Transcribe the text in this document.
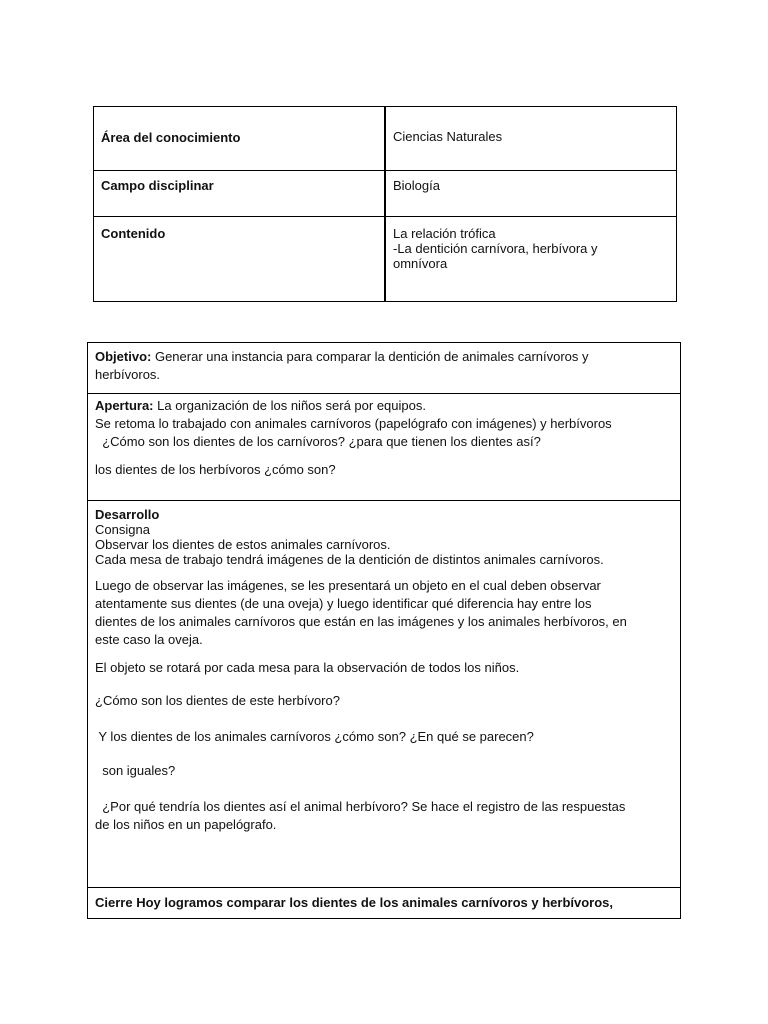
Área del conocimiento	Ciencias Naturales
Campo disciplinar	Biología
Contenido	La relación trófica
-La dentición carnívora, herbívora y
omnívora

Objetivo: Generar una instancia para comparar la dentición de animales carnívoros y

herbívoros.

Apertura: La organización de los niños será por equipos.

Se retoma lo trabajado con animales carnívoros (papelógrafo con imágenes) y herbívoros

¿Cómo son los dientes de los carnívoros? ¿para que tienen los dientes así?

los dientes de los herbívoros ¿cómo son?

Desarrollo

Consigna

Observar los dientes de estos animales carnívoros.

Cada mesa de trabajo tendrá imágenes de la dentición de distintos animales carnívoros.

Luego de observar las imágenes, se les presentará un objeto en el cual deben observar

atentamente sus dientes (de una oveja) y luego identificar qué diferencia hay entre los

dientes de los animales carnívoros que están en las imágenes y los animales herbívoros, en

este caso la oveja.

El objeto se rotará por cada mesa para la observación de todos los niños.

¿Cómo son los dientes de este herbívoro?

Y los dientes de los animales carnívoros ¿cómo son? ¿En qué se parecen?

son iguales?

¿Por qué tendría los dientes así el animal herbívoro? Se hace el registro de las respuestas

de los niños en un papelógrafo.

Cierre Hoy logramos comparar los dientes de los animales carnívoros y herbívoros,
